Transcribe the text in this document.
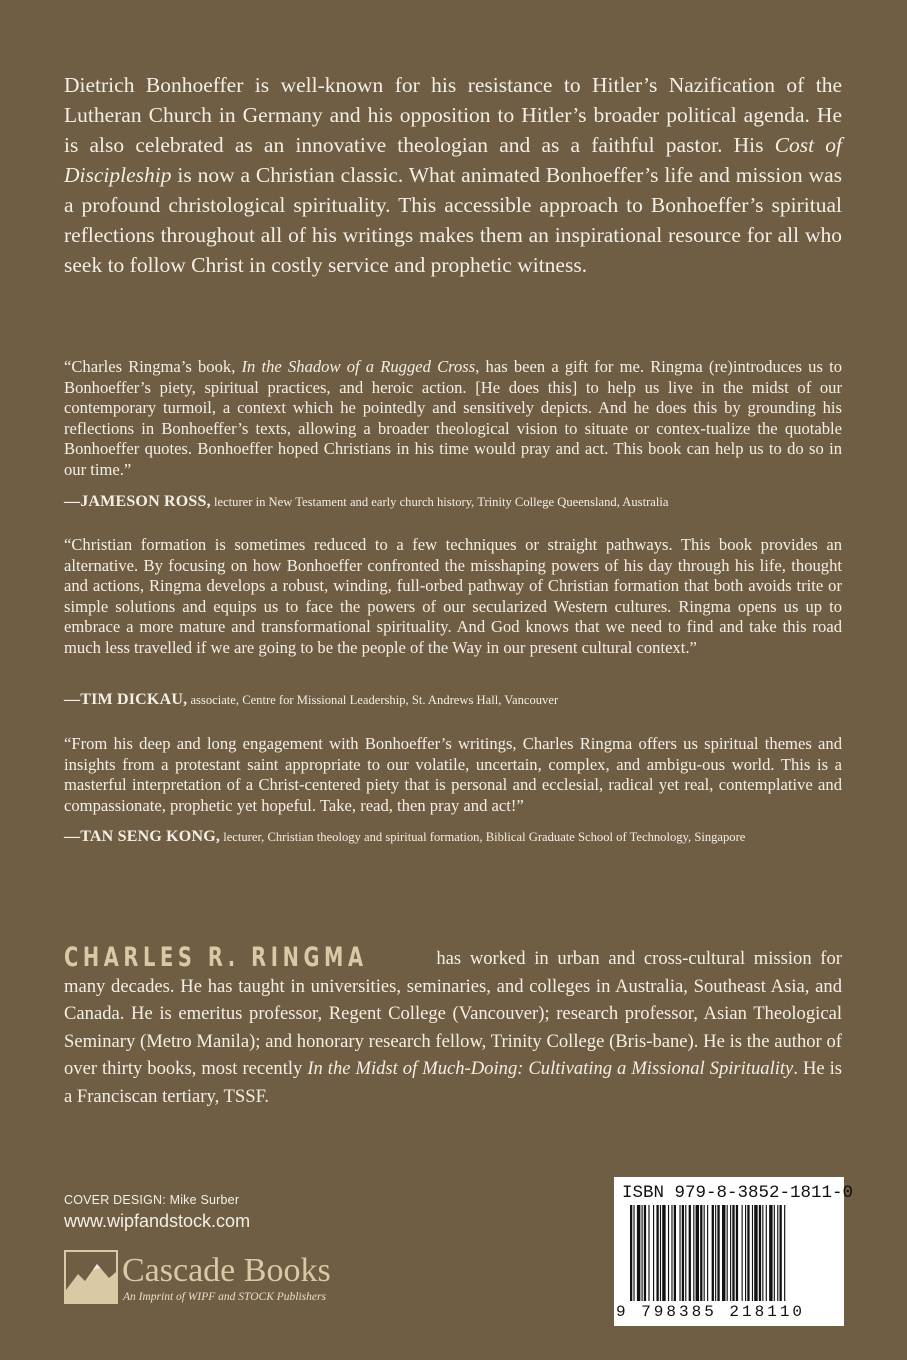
Dietrich Bonhoeffer is well-known for his resistance to Hitler’s Nazification of the Lutheran Church in Germany and his opposition to Hitler’s broader political agenda. He is also celebrated as an innovative theologian and as a faithful pastor. His Cost of Discipleship is now a Christian classic. What animated Bonhoeffer’s life and mission was a profound christological spirituality. This accessible approach to Bonhoeffer’s spiritual reflections throughout all of his writings makes them an inspirational resource for all who seek to follow Christ in costly service and prophetic witness.

“Charles Ringma’s book, In the Shadow of a Rugged Cross, has been a gift for me. Ringma (re)introduces us to Bonhoeffer’s piety, spiritual practices, and heroic action. [He does this] to help us live in the midst of our contemporary turmoil, a context which he pointedly and sensitively depicts. And he does this by grounding his reflections in Bonhoeffer’s texts, allowing a broader theological vision to situate or contex-tualize the quotable Bonhoeffer quotes. Bonhoeffer hoped Christians in his time would pray and act. This book can help us to do so in our time.”

—JAMESON ROSS, lecturer in New Testament and early church history, Trinity College Queensland, Australia

“Christian formation is sometimes reduced to a few techniques or straight pathways. This book provides an alternative. By focusing on how Bonhoeffer confronted the misshaping powers of his day through his life, thought and actions, Ringma develops a robust, winding, full-orbed pathway of Christian formation that both avoids trite or simple solutions and equips us to face the powers of our secularized Western cultures. Ringma opens us up to embrace a more mature and transformational spirituality. And God knows that we need to find and take this road much less travelled if we are going to be the people of the Way in our present cultural context.”

—TIM DICKAU, associate, Centre for Missional Leadership, St. Andrews Hall, Vancouver

“From his deep and long engagement with Bonhoeffer’s writings, Charles Ringma offers us spiritual themes and insights from a protestant saint appropriate to our volatile, uncertain, complex, and ambigu-ous world. This is a masterful interpretation of a Christ-centered piety that is personal and ecclesial, radical yet real, contemplative and compassionate, prophetic yet hopeful. Take, read, then pray and act!”

—TAN SENG KONG, lecturer, Christian theology and spiritual formation, Biblical Graduate School of Technology, Singapore

CHARLES R. RINGMA	has worked in urban and cross-cultural mission for many decades. He has taught in universities, seminaries, and colleges in Australia, Southeast Asia, and Canada. He is emeritus professor, Regent College (Vancouver); research professor, Asian Theological Seminary (Metro Manila); and honorary research fellow, Trinity College (Bris-bane). He is the author of over thirty books, most recently In the Midst of Much-Doing: Cultivating a Missional Spirituality. He is a Franciscan tertiary, TSSF.

COVER DESIGN: Mike Surber
www.wipfandstock.com
Cascade Books
An Imprint of WIPF and STOCK Publishers
ISBN 979-8-3852-1811-0
9 798385 218110
